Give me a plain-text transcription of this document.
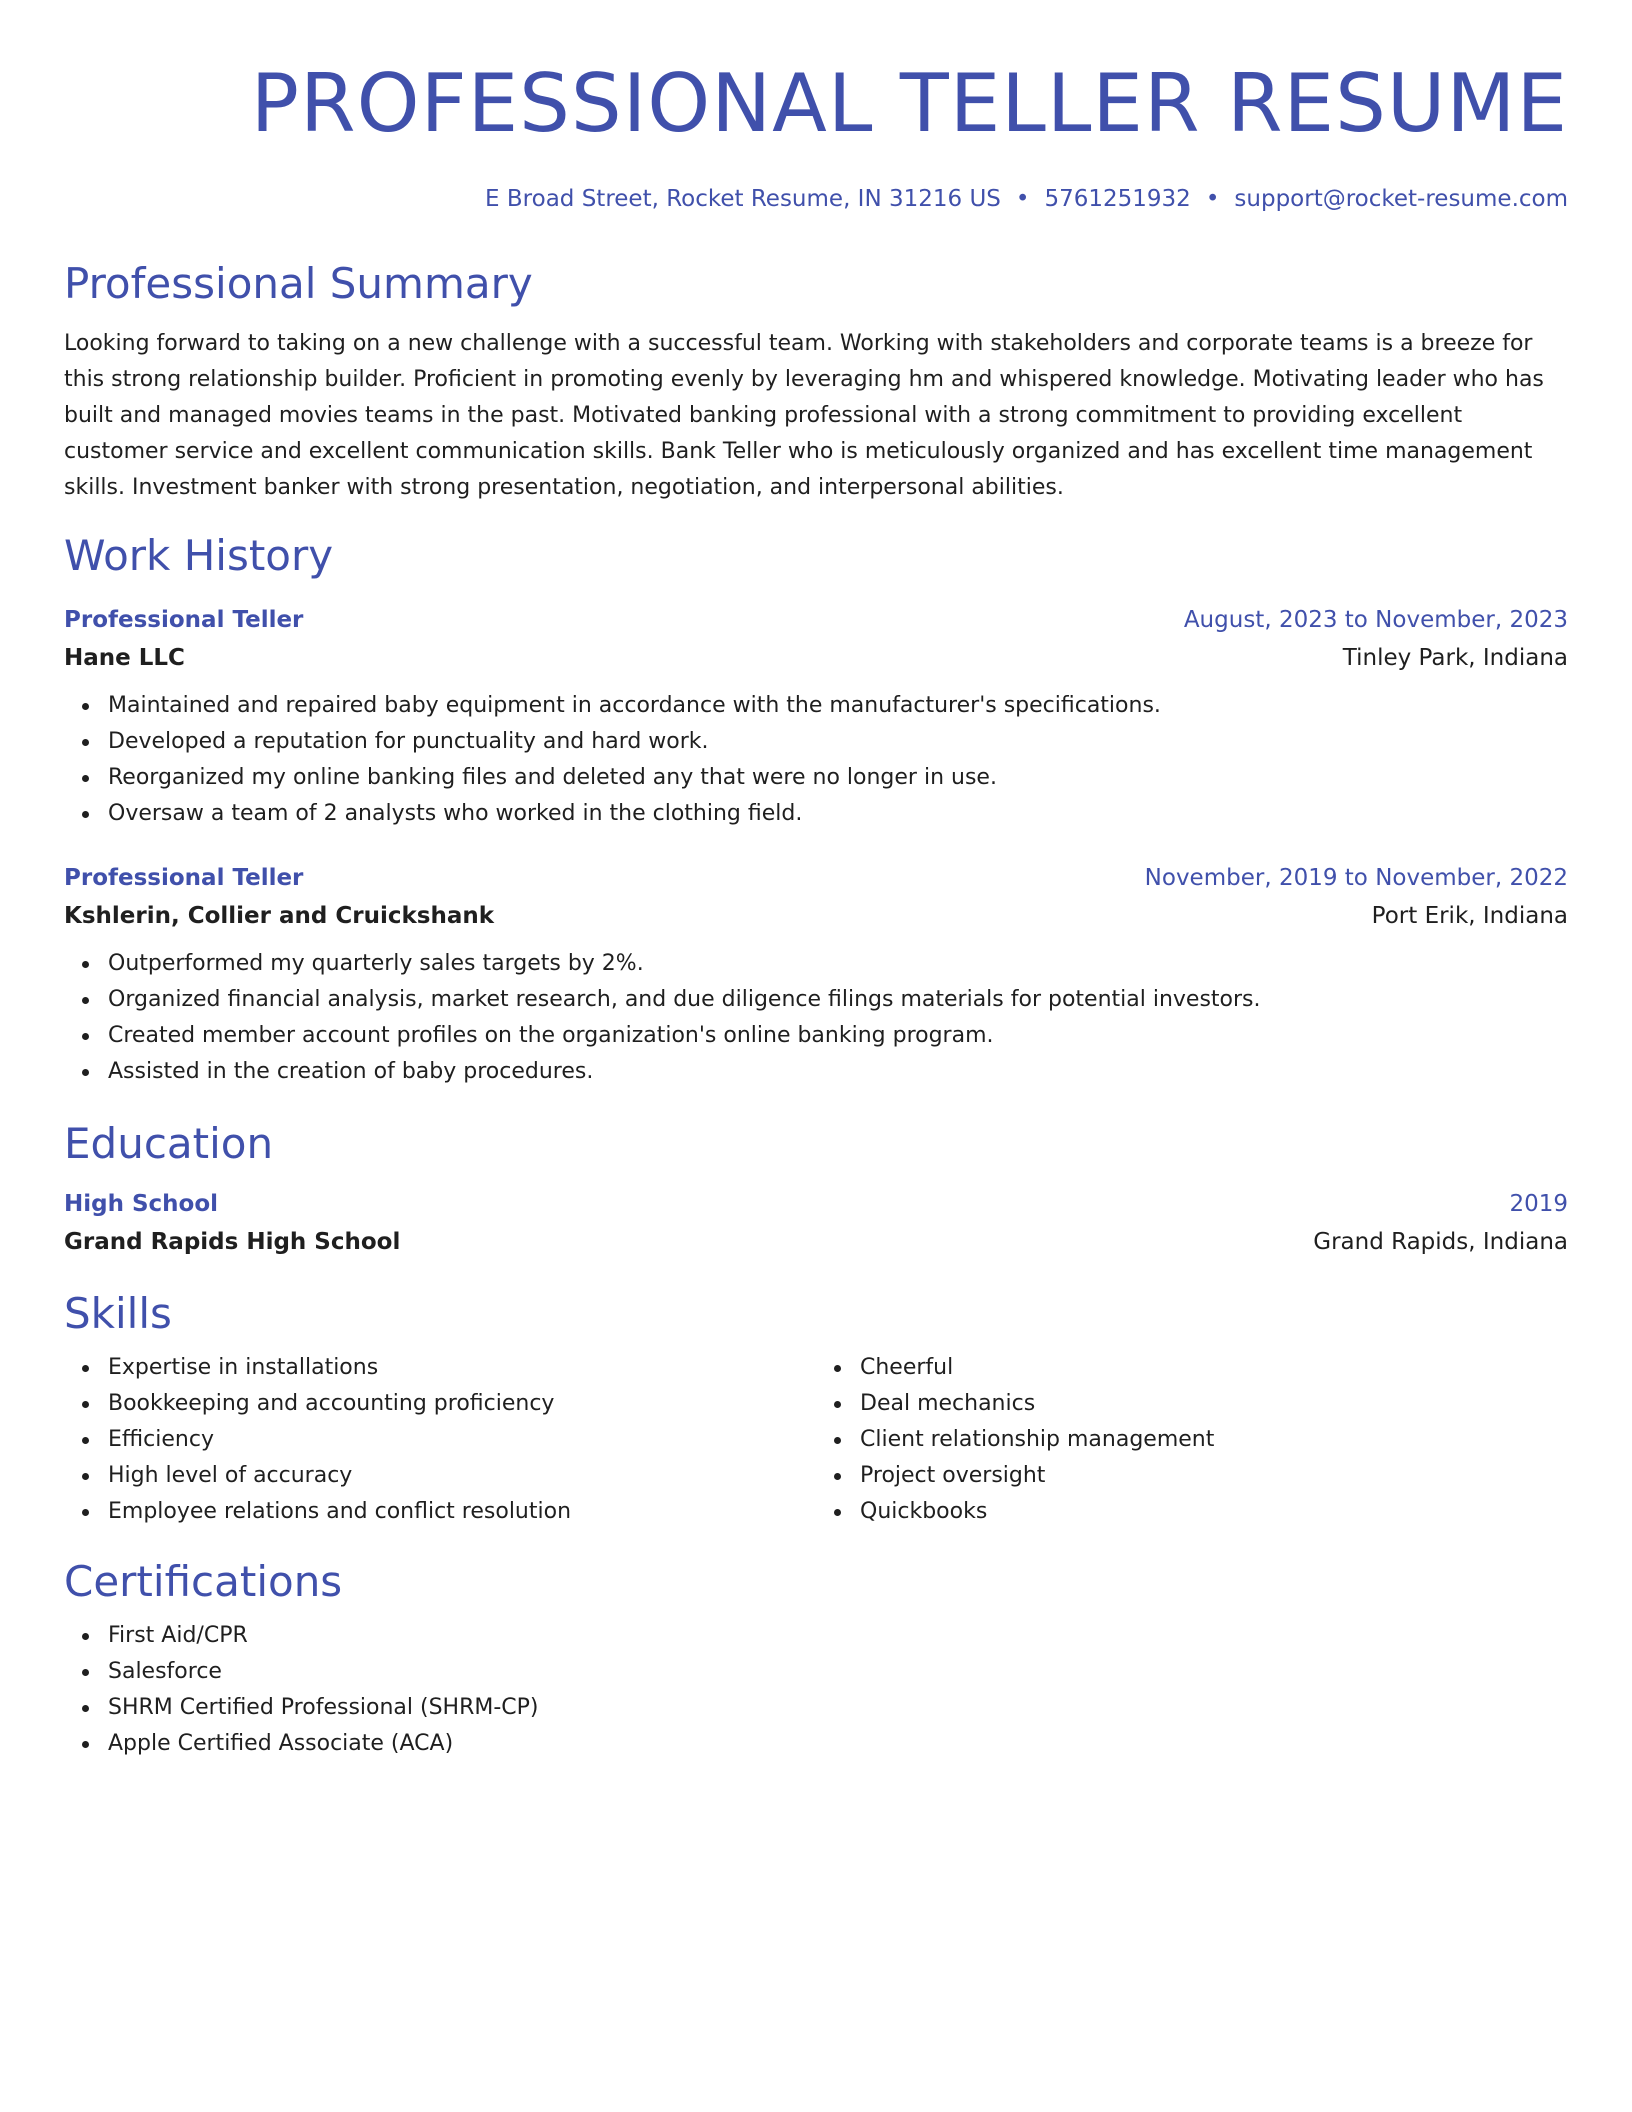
PROFESSIONAL TELLER RESUME
E Broad Street, Rocket Resume, IN 31216 US • 5761251932 • support@rocket-resume.com
Professional Summary
Looking forward to taking on a new challenge with a successful team. Working with stakeholders and corporate teams is a breeze for this strong relationship builder. Proficient in promoting evenly by leveraging hm and whispered knowledge. Motivating leader who has built and managed movies teams in the past. Motivated banking professional with a strong commitment to providing excellent customer service and excellent communication skills. Bank Teller who is meticulously organized and has excellent time management skills. Investment banker with strong presentation, negotiation, and interpersonal abilities.
Work History
Professional Teller	August, 2023 to November, 2023
Hane LLC	Tinley Park, Indiana
Maintained and repaired baby equipment in accordance with the manufacturer's specifications.
Developed a reputation for punctuality and hard work.
Reorganized my online banking files and deleted any that were no longer in use.
Oversaw a team of 2 analysts who worked in the clothing field.
Professional Teller	November, 2019 to November, 2022
Kshlerin, Collier and Cruickshank	Port Erik, Indiana
Outperformed my quarterly sales targets by 2%.
Organized financial analysis, market research, and due diligence filings materials for potential investors.
Created member account profiles on the organization's online banking program.
Assisted in the creation of baby procedures.
Education
High School	2019
Grand Rapids High School	Grand Rapids, Indiana
Skills
Expertise in installations
Bookkeeping and accounting proficiency
Efficiency
High level of accuracy
Employee relations and conflict resolution
Cheerful
Deal mechanics
Client relationship management
Project oversight
Quickbooks
Certifications
First Aid/CPR
Salesforce
SHRM Certified Professional (SHRM-CP)
Apple Certified Associate (ACA)
